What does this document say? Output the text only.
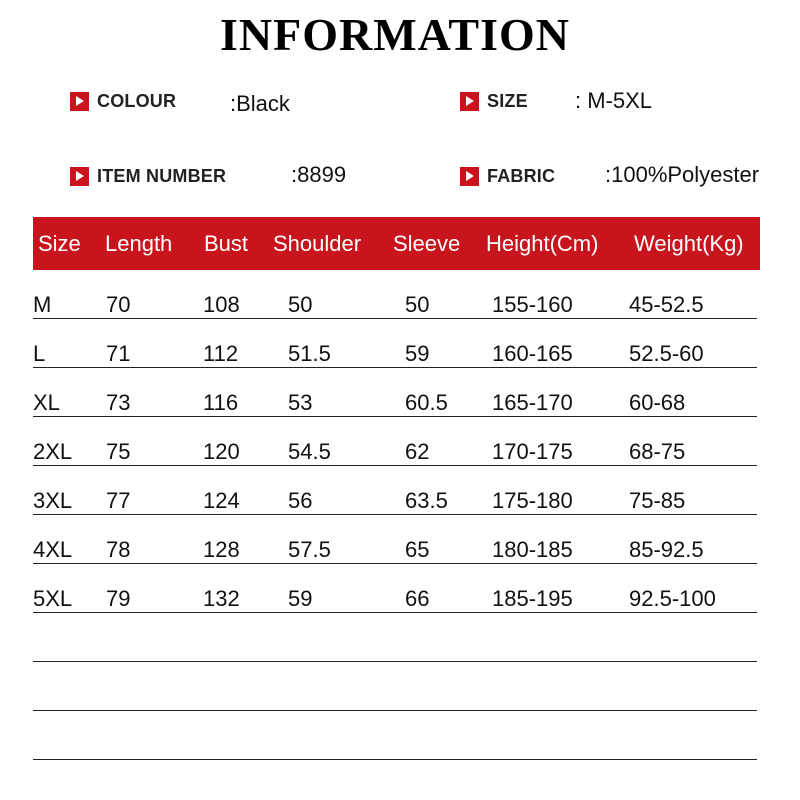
INFORMATION
COLOUR :Black	SIZE : M-5XL
ITEM NUMBER	:8899	FABRIC :100%Polyester
Size Length Bust Shoulder Sleeve Height(Cm) Weight(Kg)
M 70	108 50	50	155-160	45-52.5
L	71	112 51.5	59	160-165	52.5-60
XL 73	116 53	60.5 165-170	60-68
2XL 75	120 54.5	62	170-175	68-75
3XL 77	124 56	63.5 175-180	75-85
4XL 78	128 57.5	65	180-185	85-92.5
5XL 79	132 59	66	185-195	92.5-100
